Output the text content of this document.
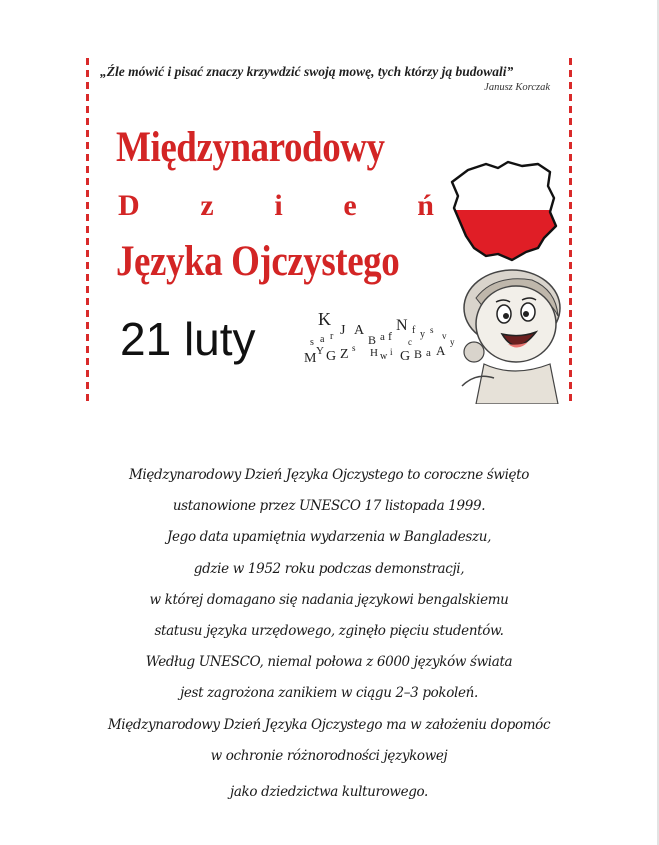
„Źle mówić i pisać znaczy krzywdzić swoją mowę, tych którzy ją budowali”
Janusz Korczak
Międzynarodowy
D z i e ń
Języka Ojczystego
21 luty	K
s a r J A
B a f
N f y s
v
M Y G Z s H w i G B a A
c	y
Międzynarodowy Dzień Języka Ojczystego to coroczne święto
ustanowione przez UNESCO 17 listopada 1999.
Jego data upamiętnia wydarzenia w Bangladeszu,
gdzie w 1952 roku podczas demonstracji,
w której domagano się nadania językowi bengalskiemu
statusu języka urzędowego, zginęło pięciu studentów.
Według UNESCO, niemal połowa z 6000 języków świata
jest zagrożona zanikiem w ciągu 2–3 pokoleń.
Międzynarodowy Dzień Języka Ojczystego ma w założeniu dopomóc
w ochronie różnorodności językowej
jako dziedzictwa kulturowego.
